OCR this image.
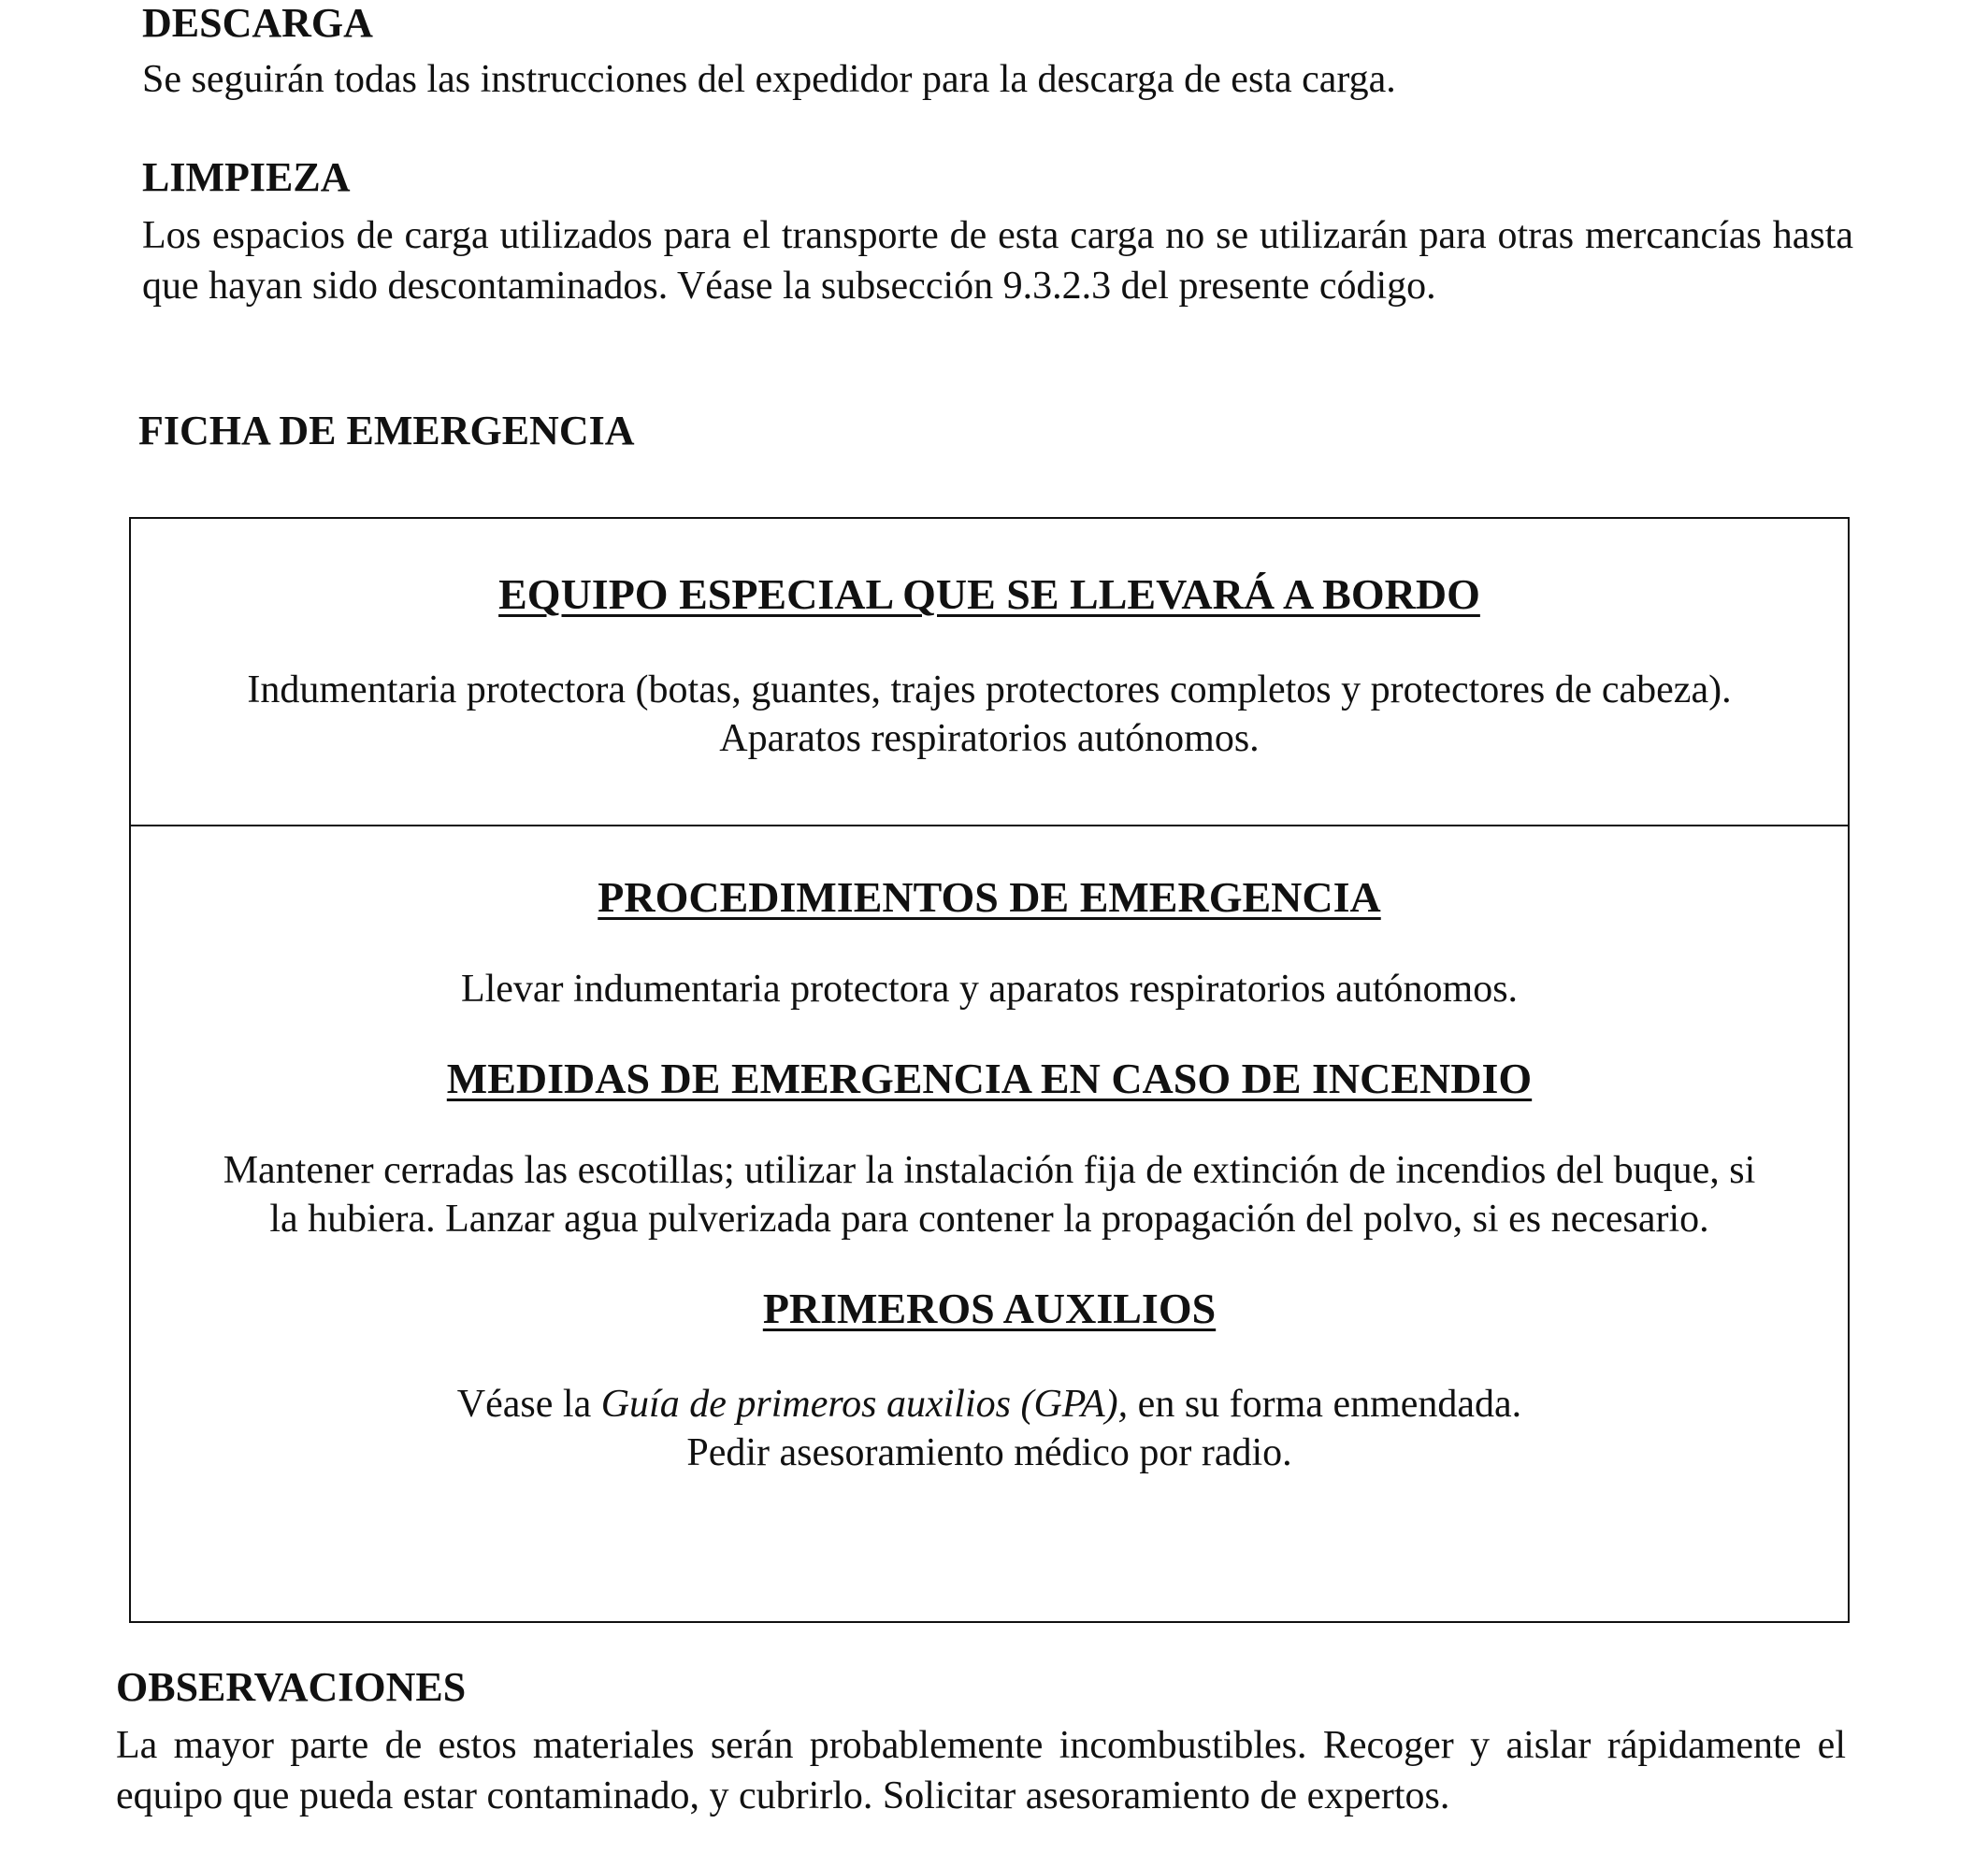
DESCARGA

Se seguirán todas las instrucciones del expedidor para la descarga de esta carga.

LIMPIEZA

Los espacios de carga utilizados para el transporte de esta carga no se utilizarán para otras mercancías hasta que hayan sido descontaminados. Véase la subsección 9.3.2.3 del presente código.

FICHA DE EMERGENCIA
EQUIPO ESPECIAL QUE SE LLEVARÁ A BORDO

Indumentaria protectora (botas, guantes, trajes protectores completos y protectores de cabeza). Aparatos respiratorios autónomos.

PROCEDIMIENTOS DE EMERGENCIA

Llevar indumentaria protectora y aparatos respiratorios autónomos.

MEDIDAS DE EMERGENCIA EN CASO DE INCENDIO

Mantener cerradas las escotillas; utilizar la instalación fija de extinción de incendios del buque, si la hubiera. Lanzar agua pulverizada para contener la propagación del polvo, si es necesario.

PRIMEROS AUXILIOS

Véase la Guía de primeros auxilios (GPA), en su forma enmendada.
Pedir asesoramiento médico por radio.

OBSERVACIONES

La mayor parte de estos materiales serán probablemente incombustibles. Recoger y aislar rápidamente el equipo que pueda estar contaminado, y cubrirlo. Solicitar asesoramiento de expertos.
